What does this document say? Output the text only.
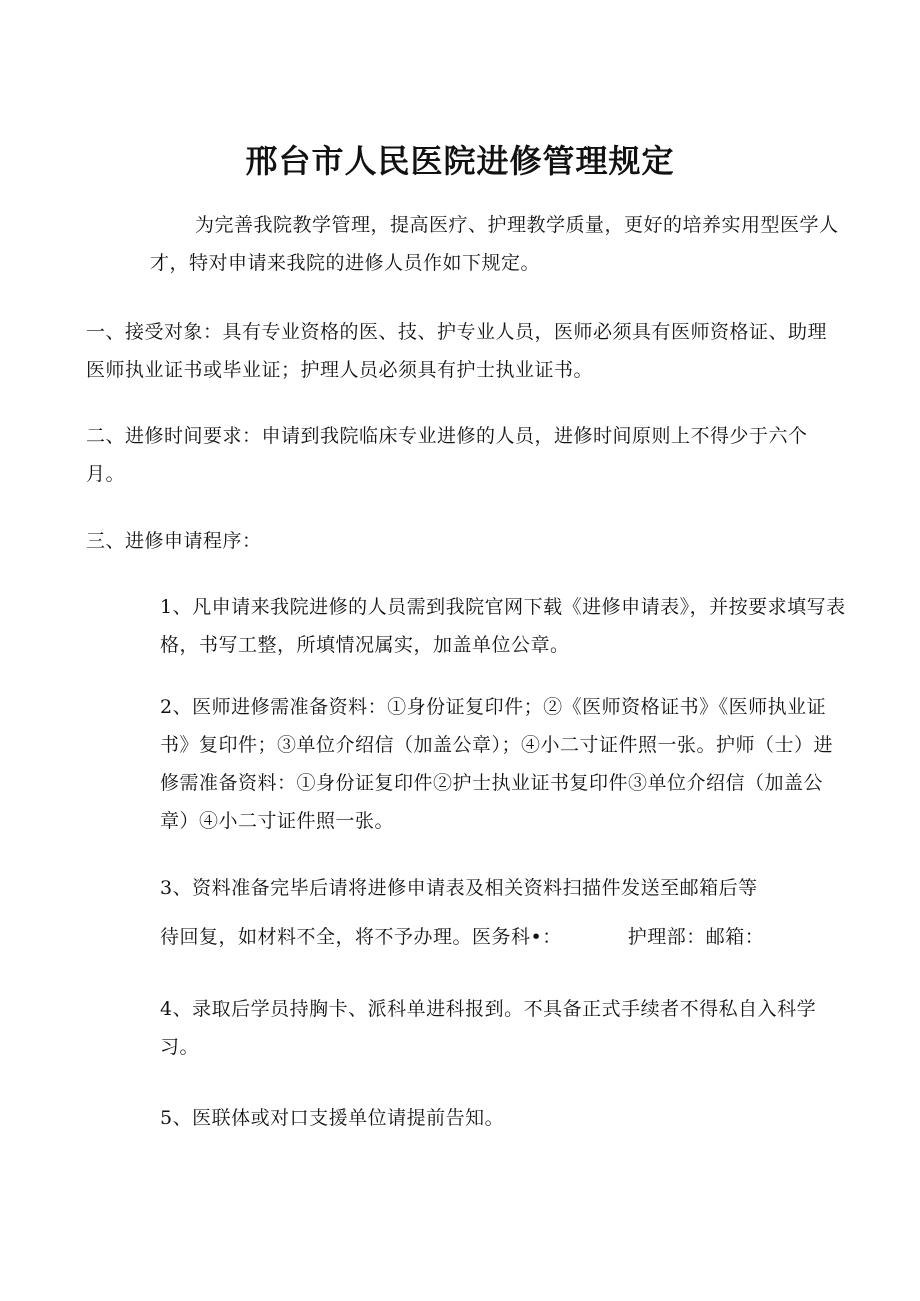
邢台市人民医院进修管理规定

为完善我院教学管理，提高医疗、护理教学质量，更好的培养实用型医学人才，特对申请来我院的进修人员作如下规定。

一、接受对象：具有专业资格的医、技、护专业人员，医师必须具有医师资格证、助理医师执业证书或毕业证；护理人员必须具有护士执业证书。

二、进修时间要求：申请到我院临床专业进修的人员，进修时间原则上不得少于六个月。

三、进修申请程序：

1、凡申请来我院进修的人员需到我院官网下载《进修申请表》，并按要求填写表格，书写工整，所填情况属实，加盖单位公章。

2、医师进修需准备资料：①身份证复印件；②《医师资格证书》《医师执业证书》复印件；③单位介绍信（加盖公章）；④小二寸证件照一张。护师（士）进修需准备资料：①身份证复印件②护士执业证书复印件③单位介绍信（加盖公章）④小二寸证件照一张。

3、资料准备完毕后请将进修申请表及相关资料扫描件发送至邮箱后等

待回复，如材料不全，将不予办理。医务科•：	护理部：邮箱：

4、录取后学员持胸卡、派科单进科报到。不具备正式手续者不得私自入科学习。

5、医联体或对口支援单位请提前告知。
